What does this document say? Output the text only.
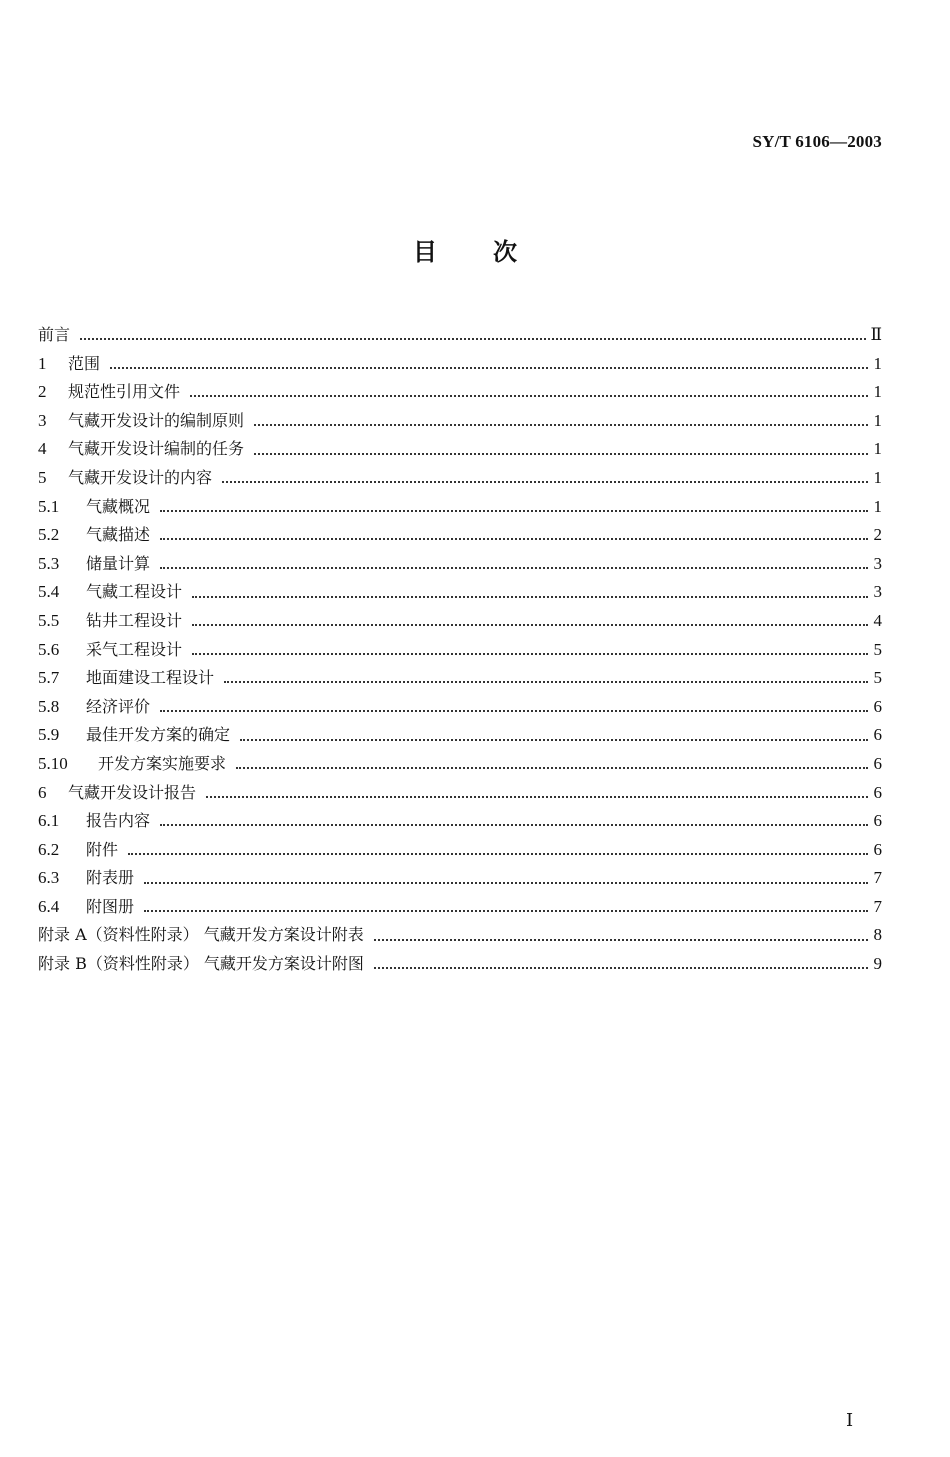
SY/T 6106—2003
目次
前言	Ⅱ
1 范围	1
2 规范性引用文件	1
3 气藏开发设计的编制原则	1
4 气藏开发设计编制的任务	1
5 气藏开发设计的内容	1
5.1 气藏概况	1
5.2 气藏描述	2
5.3 储量计算	3
5.4 气藏工程设计	3
5.5 钻井工程设计	4
5.6 采气工程设计	5
5.7 地面建设工程设计	5
5.8 经济评价	6
5.9 最佳开发方案的确定	6
5.10 开发方案实施要求	6
6 气藏开发设计报告	6
6.1 报告内容	6
6.2 附件	6
6.3 附表册	7
6.4 附图册	7
附录 A（资料性附录） 气藏开发方案设计附表	8
附录 B（资料性附录） 气藏开发方案设计附图	9
Ⅰ
